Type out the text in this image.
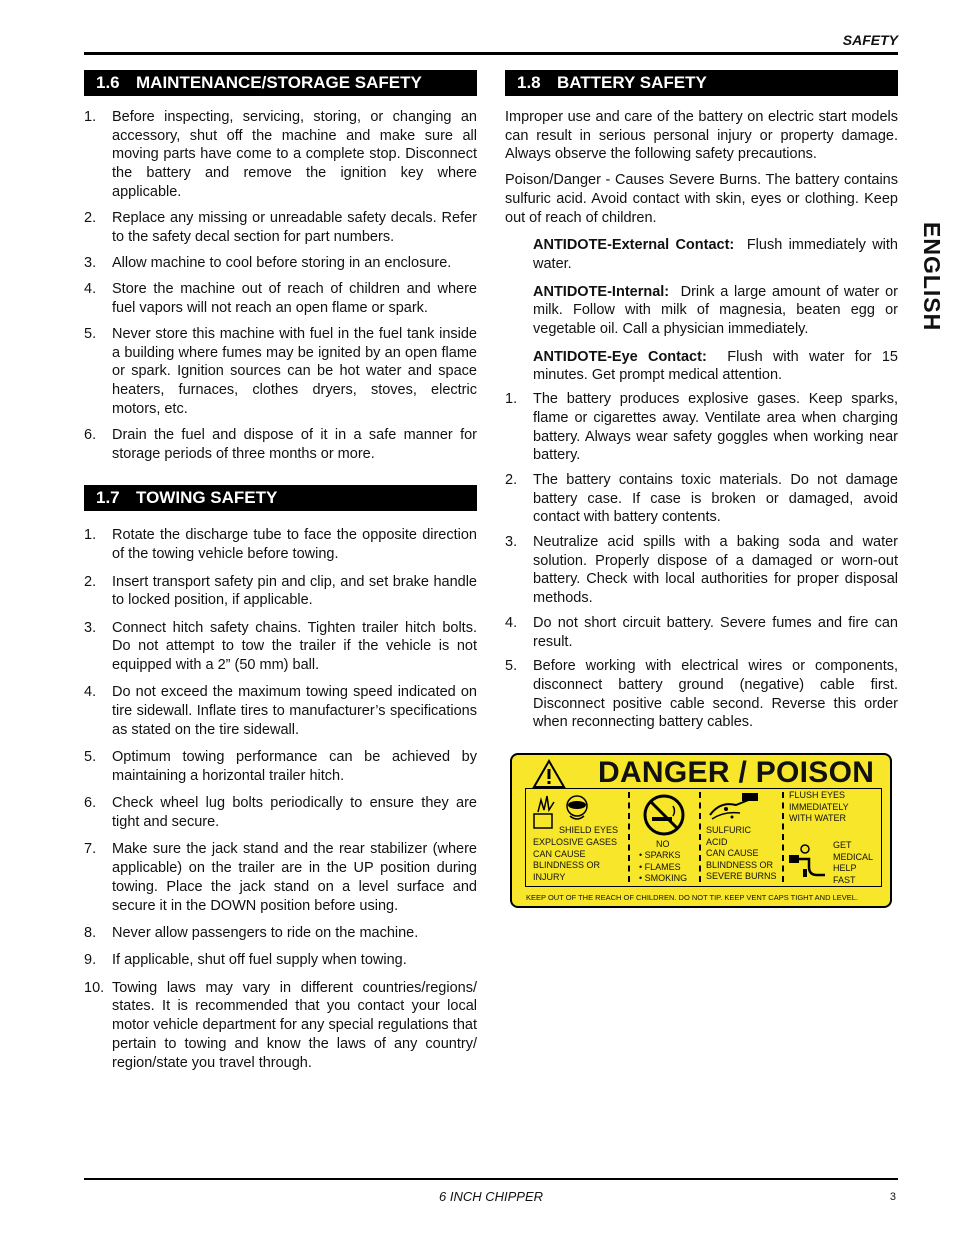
SAFETY
ENGLISH
1.6 MAINTENANCE/STORAGE SAFETY
1. Before inspecting, servicing, storing, or changing an accessory, shut off the machine and make sure all moving parts have come to a complete stop. Disconnect the battery and remove the ignition key where applicable.
2. Replace any missing or unreadable safety decals. Refer to the safety decal section for part numbers.
3. Allow machine to cool before storing in an enclosure.
4. Store the machine out of reach of children and where fuel vapors will not reach an open flame or spark.
5. Never store this machine with fuel in the fuel tank inside a building where fumes may be ignited by an open flame or spark. Ignition sources can be hot water and space heaters, furnaces, clothes dryers, stoves, electric motors, etc.
6. Drain the fuel and dispose of it in a safe manner for storage periods of three months or more.
1.7 TOWING SAFETY
1. Rotate the discharge tube to face the opposite direction of the towing vehicle before towing.
2. Insert transport safety pin and clip, and set brake handle to locked position, if applicable.
3. Connect hitch safety chains. Tighten trailer hitch bolts. Do not attempt to tow the trailer if the vehicle is not equipped with a 2” (50 mm) ball.
4. Do not exceed the maximum towing speed indicated on tire sidewall. Inflate tires to manufacturer’s specifications as stated on the tire sidewall.
5. Optimum towing performance can be achieved by maintaining a horizontal trailer hitch.
6. Check wheel lug bolts periodically to ensure they are tight and secure.
7. Make sure the jack stand and the rear stabilizer (where applicable) on the trailer are in the UP position during towing. Place the jack stand on a level surface and secure it in the DOWN position before using.
8. Never allow passengers to ride on the machine.
9. If applicable, shut off fuel supply when towing.
10. Towing laws may vary in different countries/regions/ states. It is recommended that you contact your local motor vehicle department for any special regulations that pertain to towing and know the laws of any country/ region/state you travel through.
1.8 BATTERY SAFETY

Improper use and care of the battery on electric start models can result in serious personal injury or property damage. Always observe the following safety precautions.

Poison/Danger - Causes Severe Burns. The battery contains sulfuric acid. Avoid contact with skin, eyes or clothing. Keep out of reach of children.

ANTIDOTE-External Contact: Flush immediately with water.

ANTIDOTE-Internal: Drink a large amount of water or milk. Follow with milk of magnesia, beaten egg or vegetable oil. Call a physician immediately.

ANTIDOTE-Eye Contact: Flush with water for 15 minutes. Get prompt medical attention.

1. The battery produces explosive gases. Keep sparks, flame or cigarettes away. Ventilate area when charging battery. Always wear safety goggles when working near battery.
2. The battery contains toxic materials. Do not damage battery case. If case is broken or damaged, avoid contact with battery contents.
3. Neutralize acid spills with a baking soda and water solution. Properly dispose of a damaged or worn-out battery. Check with local authorities for proper disposal methods.
4. Do not short circuit battery. Severe fumes and fire can result.
5. Before working with electrical wires or components, disconnect battery ground (negative) cable first. Disconnect positive cable second. Reverse this order when reconnecting battery cables.
DANGER / POISON
SHIELD EYES
EXPLOSIVE GASES
CAN CAUSE
BLINDNESS OR
INJURY
NO
• SPARKS
• FLAMES
• SMOKING
SULFURIC
ACID
CAN CAUSE
BLINDNESS OR
SEVERE BURNS
FLUSH EYES
IMMEDIATELY
WITH WATER
GET
MEDICAL
HELP
FAST
KEEP OUT OF THE REACH OF CHILDREN. DO NOT TIP. KEEP VENT CAPS TIGHT AND LEVEL.
6 INCH CHIPPER	3
